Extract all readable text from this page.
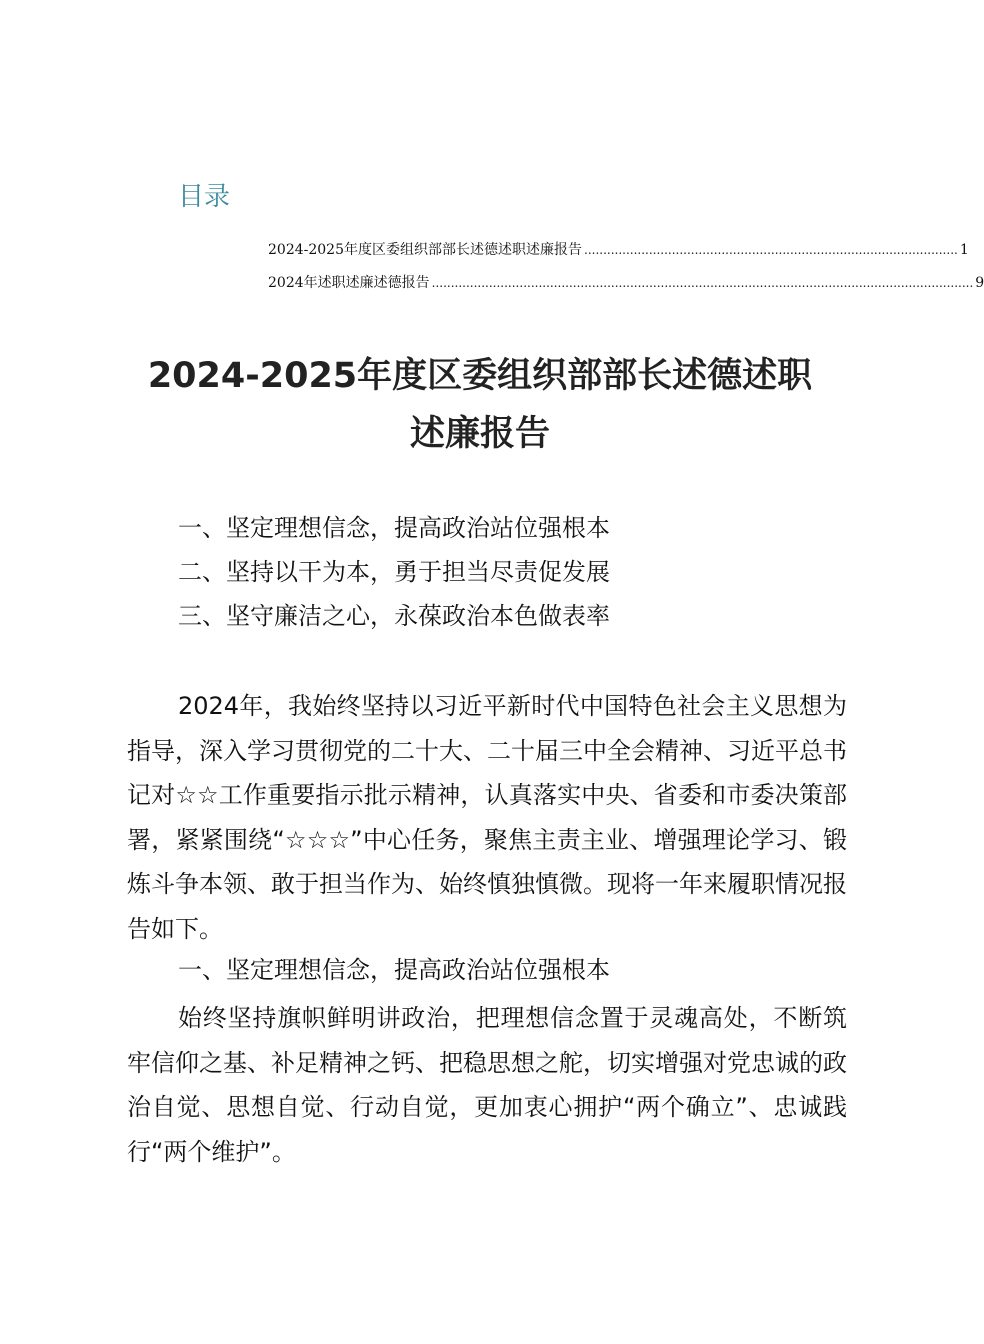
目录
2024-2025年度区委组织部部长述德述职述廉报告 .................................................................................................. 1
2024年述职述廉述德报告 .............................................................................................................................................. 9
2024-2025年度区委组织部部长述德述职
述廉报告
一、坚定理想信念，提高政治站位强根本
二、坚持以干为本，勇于担当尽责促发展
三、坚守廉洁之心，永葆政治本色做表率
2024年，我始终坚持以习近平新时代中国特色社会主义思想为指导，深入学习贯彻党的二十大、二十届三中全会精神、习近平总书记对☆☆工作重要指示批示精神，认真落实中央、省委和市委决策部署，紧紧围绕“☆☆☆”中心任务，聚焦主责主业、增强理论学习、锻炼斗争本领、敢于担当作为、始终慎独慎微。现将一年来履职情况报告如下。
一、坚定理想信念，提高政治站位强根本
始终坚持旗帜鲜明讲政治，把理想信念置于灵魂高处，不断筑牢信仰之基、补足精神之钙、把稳思想之舵，切实增强对党忠诚的政治自觉、思想自觉、行动自觉，更加衷心拥护“两个确立”、忠诚践行“两个维护”。
